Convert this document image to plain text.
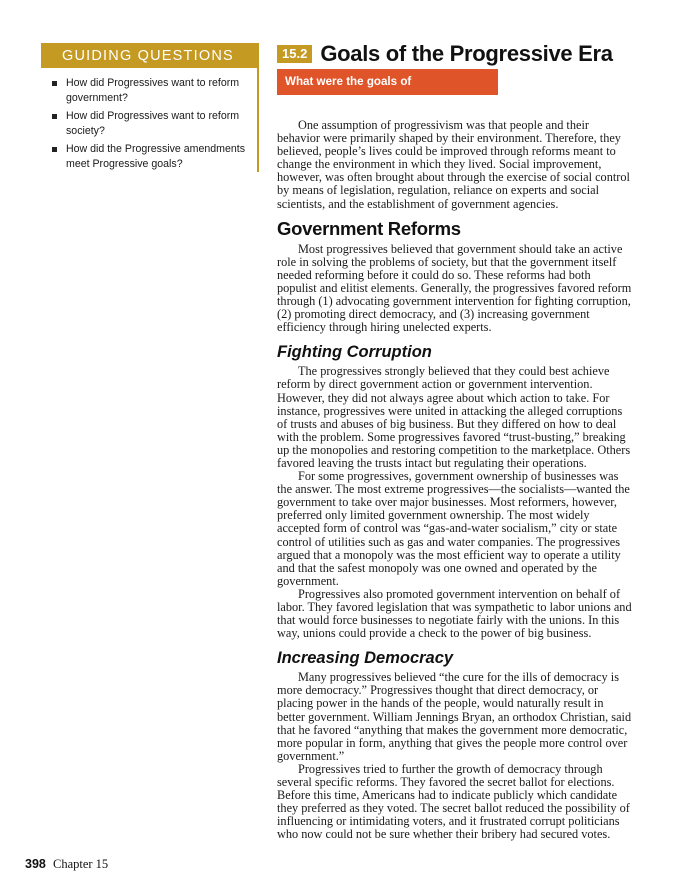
GUIDING QUESTIONS
How did Progressives want to reform government?
How did Progressives want to reform society?
How did the Progressive amendments meet Progressive goals?
15.2 Goals of the Progressive Era
What were the goals of Progressivism?

One assumption of progressivism was that people and their behavior were primarily shaped by their environment. Therefore, they believed, people’s lives could be improved through reforms meant to change the environment in which they lived. Social improvement, however, was often brought about through the exercise of social control by means of legislation, regulation, reliance on experts and social scientists, and the establishment of government agencies.

Government Reforms

Most progressives believed that government should take an active role in solving the problems of society, but that the government itself needed reforming before it could do so. These reforms had both populist and elitist elements. Generally, the progressives favored reform through (1) advocating government intervention for fighting corruption, (2) promoting direct democracy, and (3) increasing government efficiency through hiring unelected experts.

Fighting Corruption

The progressives strongly believed that they could best achieve reform by direct government action or government intervention. However, they did not always agree about which action to take. For instance, progressives were united in attacking the alleged corruptions of trusts and abuses of big business. But they differed on how to deal with the problem. Some progressives favored “trust-busting,” breaking up the monopolies and restoring competition to the marketplace. Others favored leaving the trusts intact but regulating their operations.

For some progressives, government ownership of businesses was the answer. The most extreme progressives—the socialists—wanted the government to take over major businesses. Most reformers, however, preferred only limited government ownership. The most widely accepted form of control was “gas-and-water socialism,” city or state control of utilities such as gas and water companies. The progressives argued that a monopoly was the most efficient way to operate a utility and that the safest monopoly was one owned and operated by the government.

Progressives also promoted government intervention on behalf of labor. They favored legislation that was sympathetic to labor unions and that would force businesses to negotiate fairly with the unions. In this way, unions could provide a check to the power of big business.

Increasing Democracy

Many progressives believed “the cure for the ills of democracy is more democracy.” Progressives thought that direct democracy, or placing power in the hands of the people, would naturally result in better government. William Jennings Bryan, an orthodox Christian, said that he favored “anything that makes the government more democratic, more popular in form, anything that gives the people more control over government.”

Progressives tried to further the growth of democracy through several specific reforms. They favored the secret ballot for elections. Before this time, Americans had to indicate publicly which candidate they preferred as they voted. The secret ballot reduced the possibility of influencing or intimidating voters, and it frustrated corrupt politicians who now could not be sure whether their bribery had secured votes.

398 Chapter 15
